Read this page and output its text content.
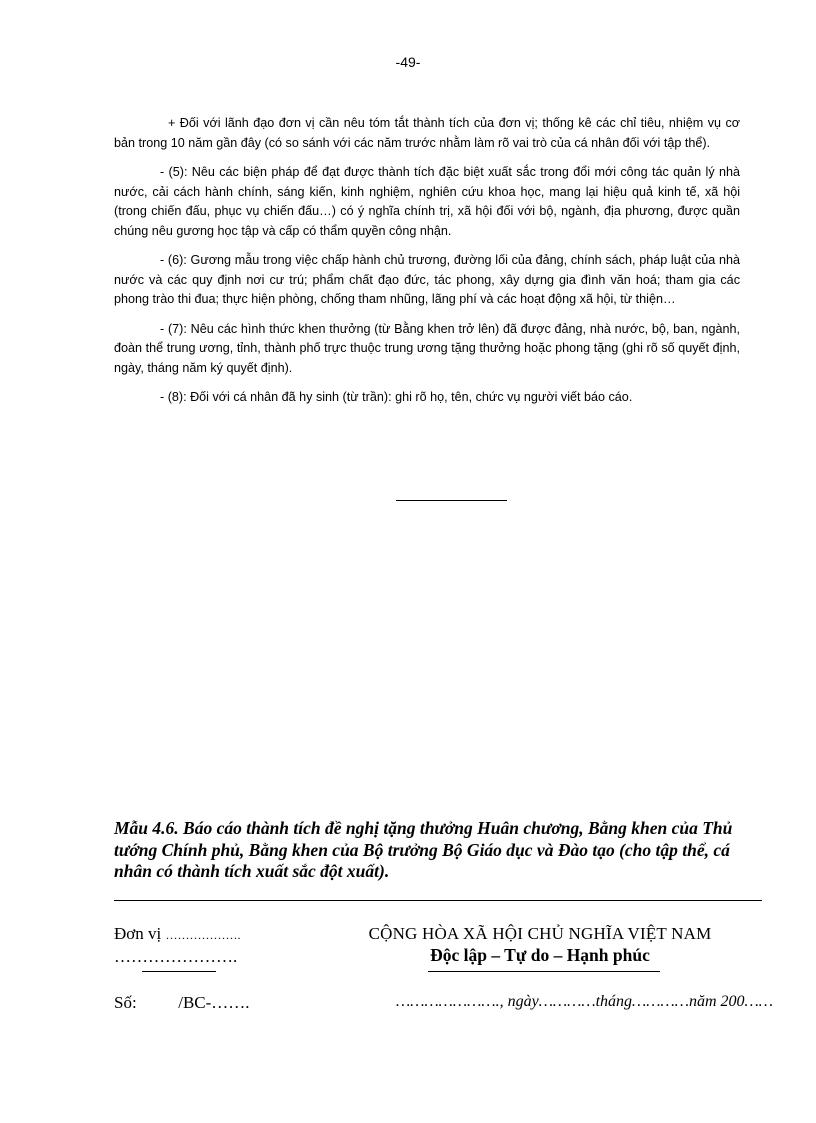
-49-

+ Đối với lãnh đạo đơn vị cần nêu tóm tắt thành tích của đơn vị; thống kê các chỉ tiêu, nhiệm vụ cơ bản trong 10 năm gần đây (có so sánh với các năm trước nhằm làm rõ vai trò của cá nhân đối với tập thể).

- (5): Nêu các biện pháp để đạt được thành tích đặc biệt xuất sắc trong đổi mới công tác quản lý nhà nước, cải cách hành chính, sáng kiến, kinh nghiệm, nghiên cứu khoa học, mang lại hiệu quả kinh tế, xã hội (trong chiến đấu, phục vụ chiến đấu…) có ý nghĩa chính trị, xã hội đối với bộ, ngành, địa phương, được quần chúng nêu gương học tập và cấp có thẩm quyền công nhận.

- (6): Gương mẫu trong việc chấp hành chủ trương, đường lối của đảng, chính sách, pháp luật của nhà nước và các quy định nơi cư trú; phẩm chất đạo đức, tác phong, xây dựng gia đình văn hoá; tham gia các phong trào thi đua; thực hiện phòng, chống tham nhũng, lãng phí và các hoạt động xã hội, từ thiện…

- (7): Nêu các hình thức khen thưởng (từ Bằng khen trở lên) đã được đảng, nhà nước, bộ, ban, ngành, đoàn thể trung ương, tỉnh, thành phố trực thuộc trung ương tặng thưởng hoặc phong tặng (ghi rõ số quyết định, ngày, tháng năm ký quyết định).

- (8): Đối với cá nhân đã hy sinh (từ trần): ghi rõ họ, tên, chức vụ người viết báo cáo.

Mẫu 4.6. Báo cáo thành tích đề nghị tặng thưởng Huân chương, Bằng khen của Thủ tướng Chính phủ, Bằng khen của Bộ trưởng Bộ Giáo dục và Đào tạo (cho tập thể, cá nhân có thành tích xuất sắc đột xuất).
Đơn vị ……………….
………………….
CỘNG HÒA XÃ HỘI CHỦ NGHĨA VIỆT NAM
Độc lập – Tự do – Hạnh phúc
Số: /BC-…….	…………………., ngày…………tháng…………năm 200……
